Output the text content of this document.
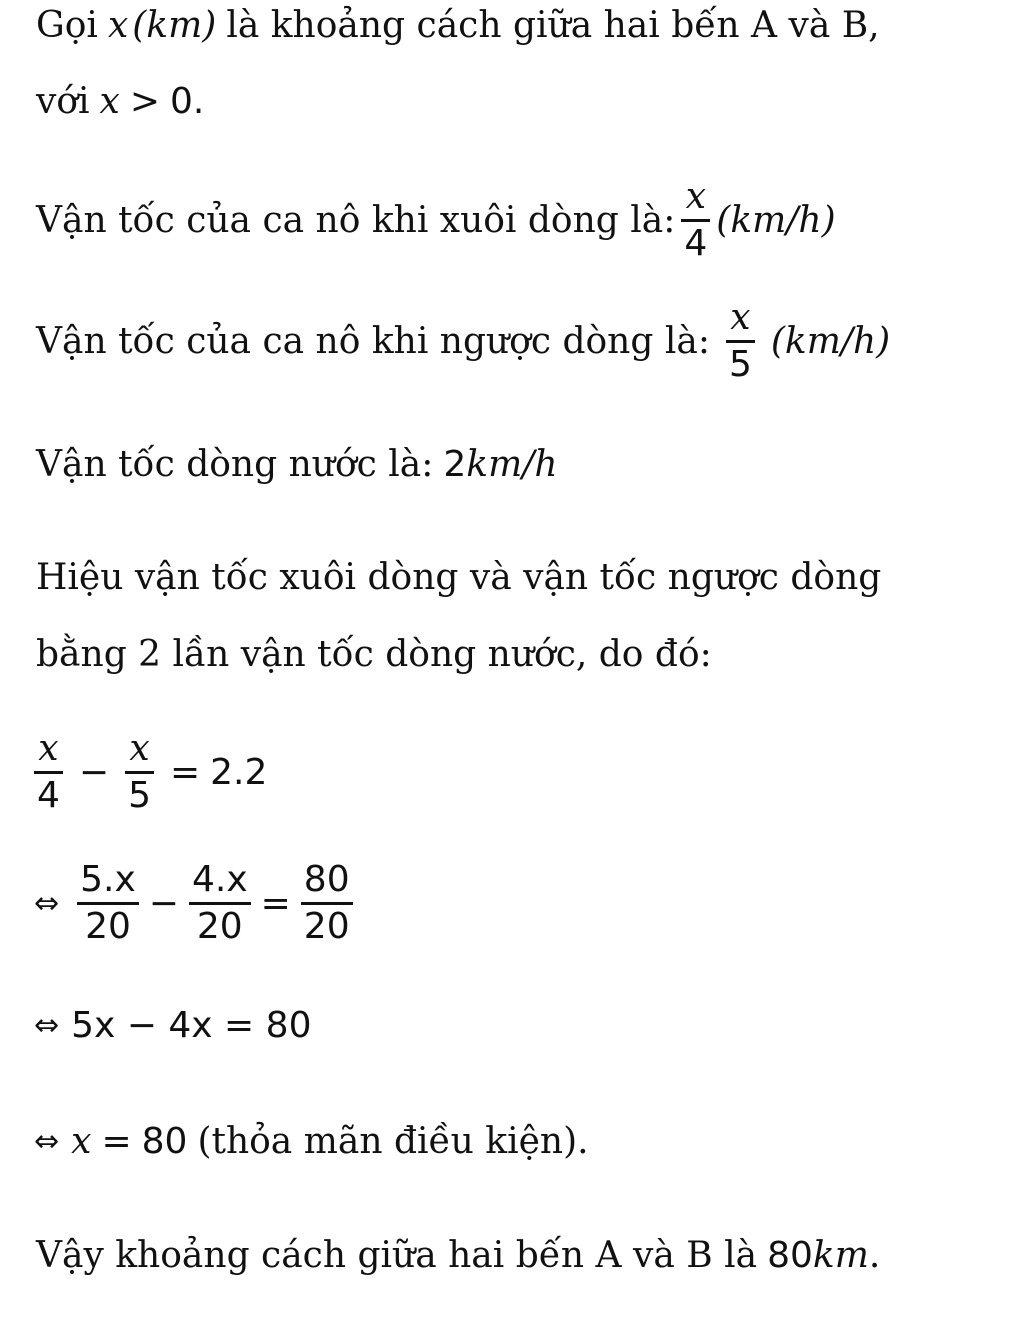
Gọi x (km) là khoảng cách giữa hai bến A và B,
với x > 0 .
Vận tốc của ca nô khi xuôi dòng là: $\frac{x}{4} (km/h)$
Vận tốc của ca nô khi ngược dòng là: $\frac{x}{5} (km/h)$
Vận tốc dòng nước là: 2 km/h
Hiệu vận tốc xuôi dòng và vận tốc ngược dòng
bằng 2 lần vận tốc dòng nước, do đó:
$\frac{x}{4} - \frac{x}{5} = 2.2$
⇔ $\frac{5.x}{20} - \frac{4.x}{20} = \frac{80}{20}$
⇔ 5x − 4x = 80
⇔ x = 80 (thỏa mãn điều kiện).
Vậy khoảng cách giữa hai bến A và B là 80 km .
